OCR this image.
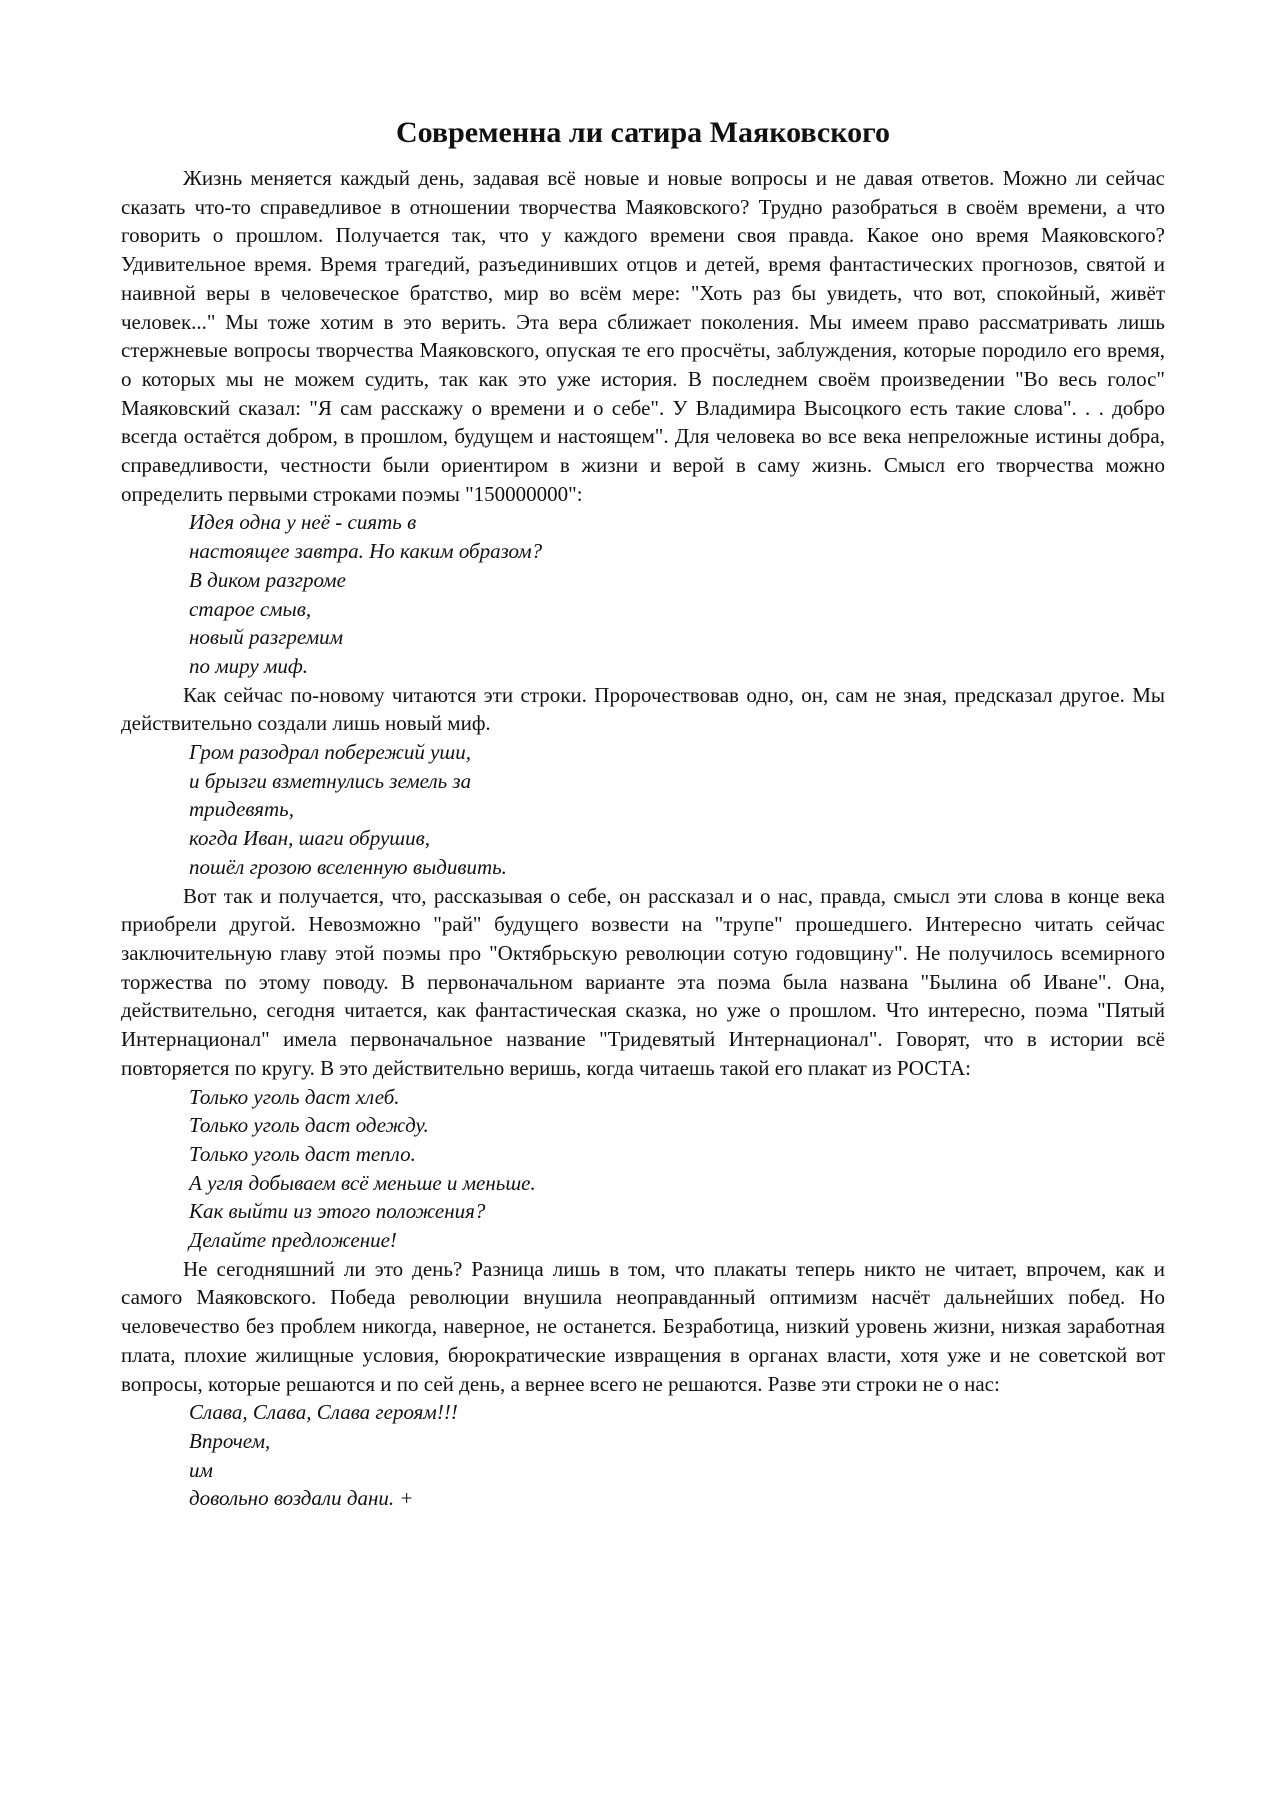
Современна ли сатира Маяковского

Жизнь меняется каждый день, задавая всё новые и новые вопросы и не давая ответов. Можно ли сейчас сказать что-то справедливое в отношении творчества Маяковского? Трудно разобраться в своём времени, а что говорить о прошлом. Получается так, что у каждого времени своя правда. Какое оно время Маяковского? Удивительное время. Время трагедий, разъединивших отцов и детей, время фантастических прогнозов, святой и наивной веры в человеческое братство, мир во всём мере: "Хоть раз бы увидеть, что вот, спокойный, живёт человек..." Мы тоже хотим в это верить. Эта вера сближает поколения. Мы имеем право рассматривать лишь стержневые вопросы творчества Маяковского, опуская те его просчёты, заблуждения, которые породило его время, о которых мы не можем судить, так как это уже история. В последнем своём произведении "Во весь голос" Маяковский сказал: "Я сам расскажу о времени и о себе". У Владимира Высоцкого есть такие слова". . . добро всегда остаётся добром, в прошлом, будущем и настоящем". Для человека во все века непреложные истины добра, справедливости, честности были ориентиром в жизни и верой в саму жизнь. Смысл его творчества можно определить первыми строками поэмы "150000000":

Идея одна у неё - сиять в
настоящее завтра. Но каким образом?
В диком разгроме
старое смыв,
новый разгремим
по миру миф.

Как сейчас по-новому читаются эти строки. Пророчествовав одно, он, сам не зная, предсказал другое. Мы действительно создали лишь новый миф.

Гром разодрал побережий уши,
и брызги взметнулись земель за
тридевять,
когда Иван, шаги обрушив,
пошёл грозою вселенную выдивить.

Вот так и получается, что, рассказывая о себе, он рассказал и о нас, правда, смысл эти слова в конце века приобрели другой. Невозможно "рай" будущего возвести на "трупе" прошедшего. Интересно читать сейчас заключительную главу этой поэмы про "Октябрьскую революции сотую годовщину". Не получилось всемирного торжества по этому поводу. В первоначальном варианте эта поэма была названа "Былина об Иване". Она, действительно, сегодня читается, как фантастическая сказка, но уже о прошлом. Что интересно, поэма "Пятый Интернационал" имела первоначальное название "Тридевятый Интернационал". Говорят, что в истории всё повторяется по кругу. В это действительно веришь, когда читаешь такой его плакат из РОСТА:

Только уголь даст хлеб.
Только уголь даст одежду.
Только уголь даст тепло.
А угля добываем всё меньше и меньше.
Как выйти из этого положения?
Делайте предложение!

Не сегодняшний ли это день? Разница лишь в том, что плакаты теперь никто не читает, впрочем, как и самого Маяковского. Победа революции внушила неоправданный оптимизм насчёт дальнейших побед. Но человечество без проблем никогда, наверное, не останется. Безработица, низкий уровень жизни, низкая заработная плата, плохие жилищные условия, бюрократические извращения в органах власти, хотя уже и не советской вот вопросы, которые решаются и по сей день, а вернее всего не решаются. Разве эти строки не о нас:

Слава, Слава, Слава героям!!!
Впрочем,
им
довольно воздали дани. +
